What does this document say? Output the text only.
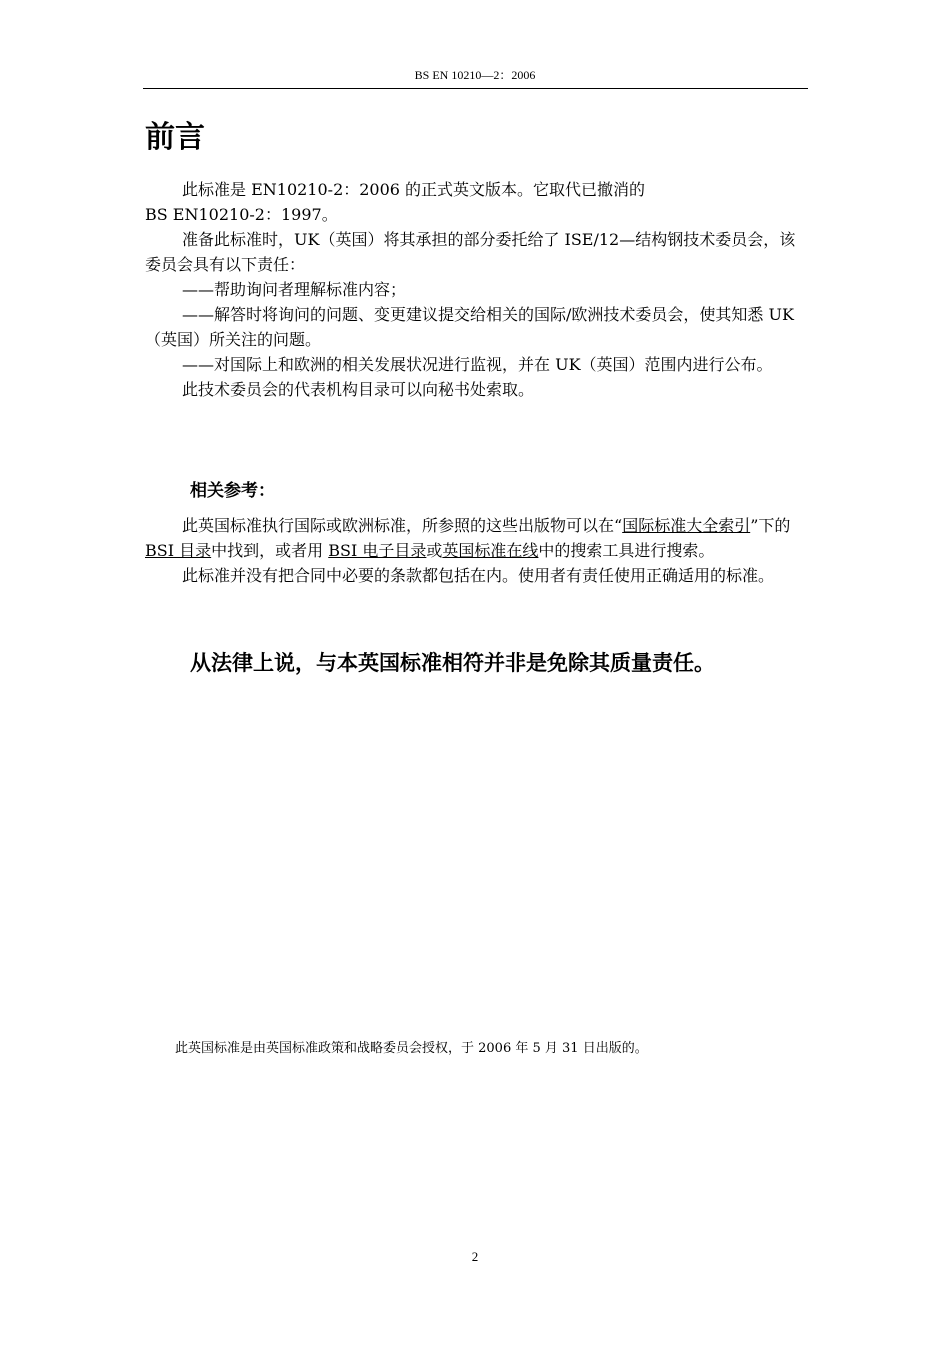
BS EN 10210—2：2006
前言

此标准是 EN10210-2：2006 的正式英文版本。它取代已撤消的

BS EN10210-2：1997。

准备此标准时，UK（英国）将其承担的部分委托给了 ISE/12—结构钢技术委员会，该委员会具有以下责任：

——帮助询问者理解标准内容；

——解答时将询问的问题、变更建议提交给相关的国际/欧洲技术委员会，使其知悉 UK（英国）所关注的问题。

——对国际上和欧洲的相关发展状况进行监视，并在 UK（英国）范围内进行公布。

此技术委员会的代表机构目录可以向秘书处索取。

相关参考：

此英国标准执行国际或欧洲标准，所参照的这些出版物可以在“国际标准大全索引”下的 BSI 目录中找到，或者用 BSI 电子目录或英国标准在线中的搜索工具进行搜索。

此标准并没有把合同中必要的条款都包括在内。使用者有责任使用正确适用的标准。

从法律上说，与本英国标准相符并非是免除其质量责任。
此英国标准是由英国标准政策和战略委员会授权，于 2006 年 5 月 31 日出版的。
2
